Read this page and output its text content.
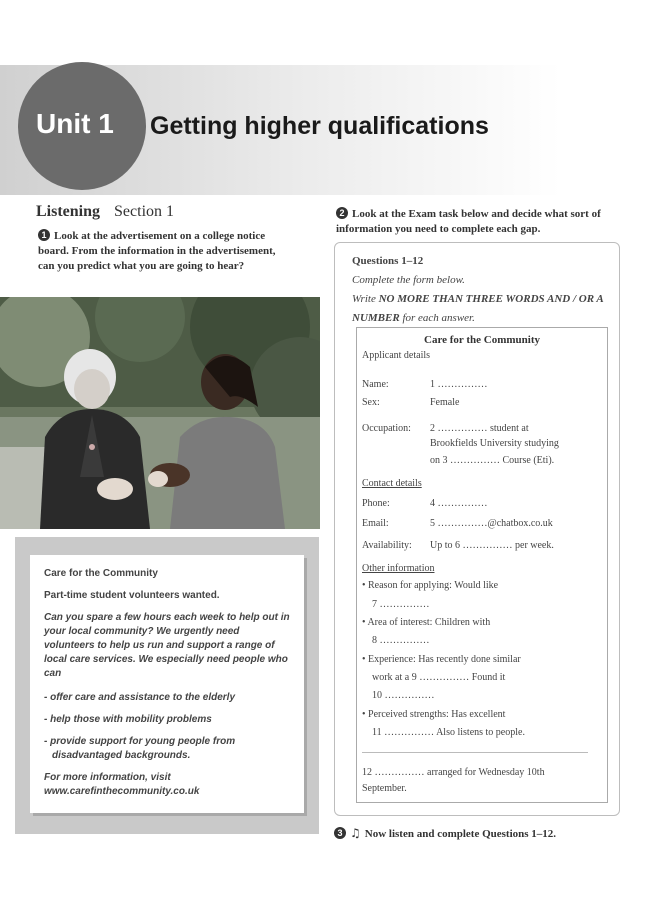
Unit 1 Getting higher qualifications
Listening Section 1
1 Look at the advertisement on a college notice board. From the information in the advertisement, can you predict what you are going to hear?
Care for the Community
Part-time student volunteers wanted.
Can you spare a few hours each week to help out in your local community? We urgently need volunteers to help us run and support a range of local care services. We especially need people who can
- offer care and assistance to the elderly
- help those with mobility problems
- provide support for young people from disadvantaged backgrounds.
For more information, visit www.carefinthecommunity.co.uk
2 Look at the Exam task below and decide what sort of information you need to complete each gap.
Questions 1–12
Complete the form below.
Write NO MORE THAN THREE WORDS AND / OR A NUMBER for each answer.
Care for the Community
Applicant details
Name:	1 ……………
Sex:	Female
Occupation: 2 …………… student at
Brookfields University studying
on 3 …………… Course (Eti).
Contact details
Phone:	4 ……………
Email:	5 ……………@chatbox.co.uk
Availability: Up to 6 …………… per week.
Other information
• Reason for applying: Would like
7 ……………
• Area of interest: Children with
8 ……………
• Experience: Has recently done similar
work at a 9 …………… Found it
10 ……………
• Perceived strengths: Has excellent
11 …………… Also listens to people.
12 …………… arranged for Wednesday 10th
September.
3 ♫ Now listen and complete Questions 1–12.
